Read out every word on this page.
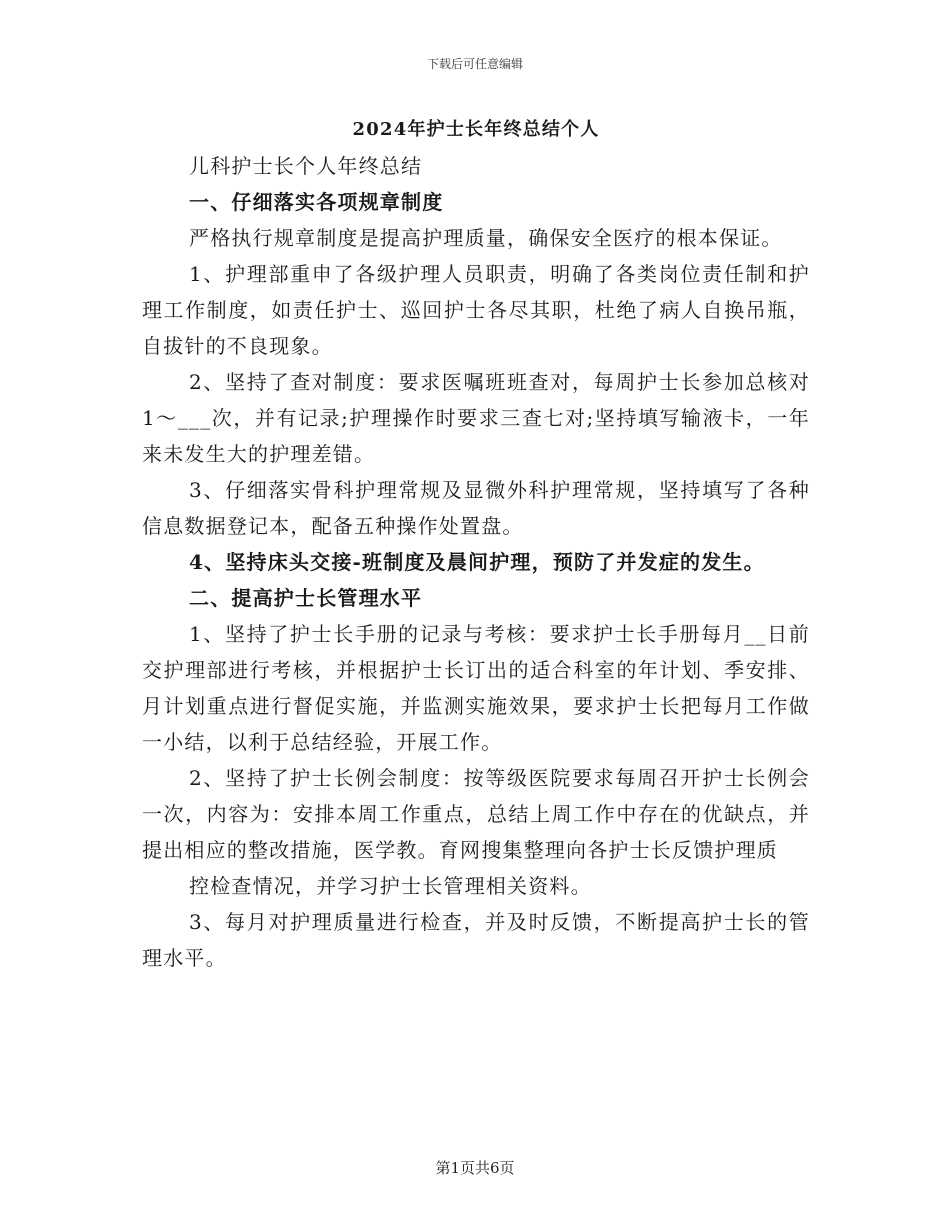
下载后可任意编辑

2024年护士长年终总结个人

儿科护士长个人年终总结

一、仔细落实各项规章制度

严格执行规章制度是提高护理质量，确保安全医疗的根本保证。

1、护理部重申了各级护理人员职责，明确了各类岗位责任制和护理工作制度，如责任护士、巡回护士各尽其职，杜绝了病人自换吊瓶，自拔针的不良现象。

2、坚持了查对制度：要求医嘱班班查对，每周护士长参加总核对1～___次，并有记录;护理操作时要求三查七对;坚持填写输液卡，一年来未发生大的护理差错。

3、仔细落实骨科护理常规及显微外科护理常规，坚持填写了各种信息数据登记本，配备五种操作处置盘。

4、坚持床头交接-班制度及晨间护理，预防了并发症的发生。

二、提高护士长管理水平

1、坚持了护士长手册的记录与考核：要求护士长手册每月__日前交护理部进行考核，并根据护士长订出的适合科室的年计划、季安排、月计划重点进行督促实施，并监测实施效果，要求护士长把每月工作做一小结，以利于总结经验，开展工作。

2、坚持了护士长例会制度：按等级医院要求每周召开护士长例会一次，内容为：安排本周工作重点，总结上周工作中存在的优缺点，并提出相应的整改措施，医学教。育网搜集整理向各护士长反馈护理质

控检查情况，并学习护士长管理相关资料。

3、每月对护理质量进行检查，并及时反馈，不断提高护士长的管理水平。

第1页共6页
